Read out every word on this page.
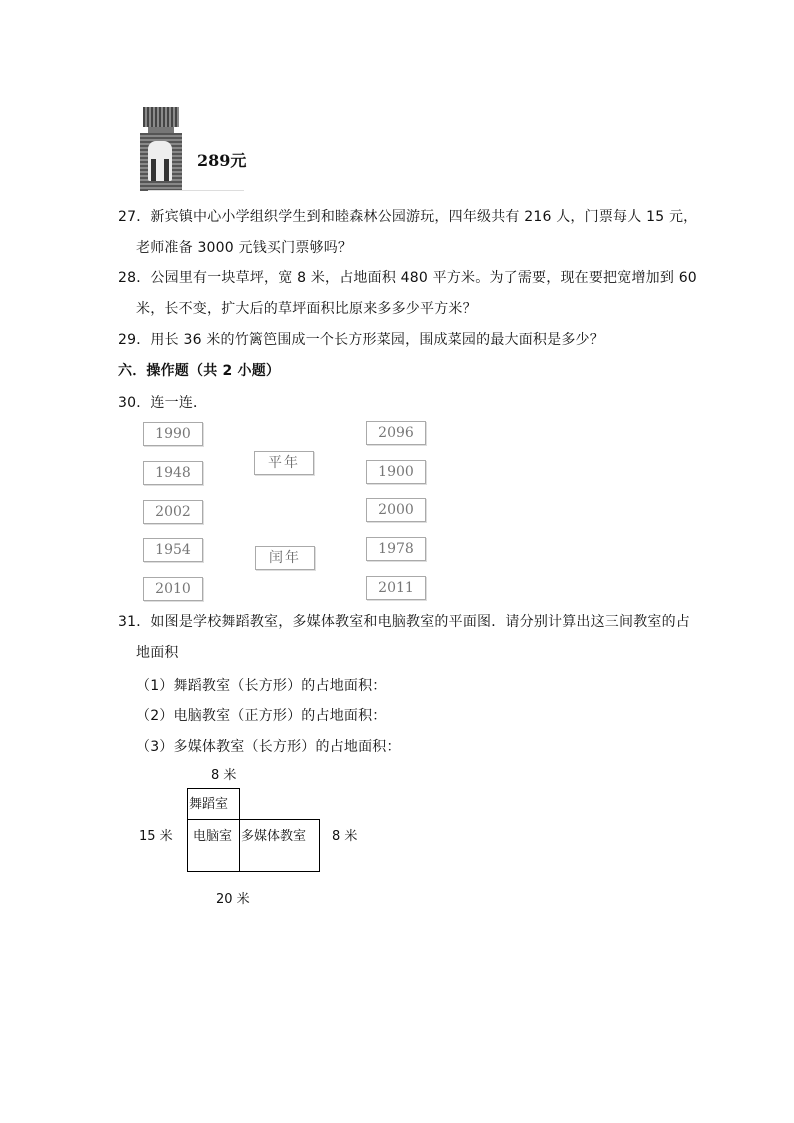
289元
27．新宾镇中心小学组织学生到和睦森林公园游玩，四年级共有 216 人，门票每人 15 元，
老师准备 3000 元钱买门票够吗？
28．公园里有一块草坪，宽 8 米，占地面积 480 平方米。为了需要，现在要把宽增加到 60
米，长不变，扩大后的草坪面积比原来多多少平方米？
29．用长 36 米的竹篱笆围成一个长方形菜园，围成菜园的最大面积是多少？
六．操作题（共 2 小题）
30．连一连．
1990
1948
2002
1954
2010
平年
闰年
2096
1900
2000
1978
2011
31．如图是学校舞蹈教室，多媒体教室和电脑教室的平面图．请分别计算出这三间教室的占
地面积
（1）舞蹈教室（长方形）的占地面积：
（2）电脑教室（正方形）的占地面积：
（3）多媒体教室（长方形）的占地面积：
8 米
15 米	8 米
20 米
舞蹈室
电脑室 多媒体教室
